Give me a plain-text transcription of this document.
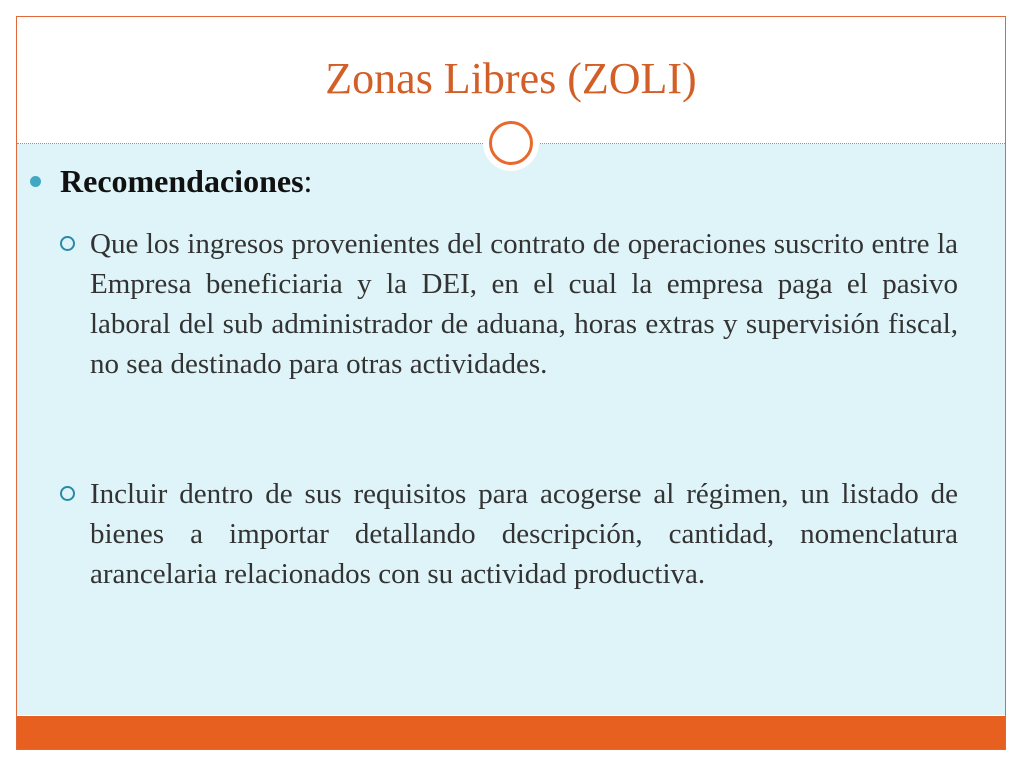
Zonas Libres (ZOLI)
Recomendaciones:
Que los ingresos provenientes del contrato de operaciones suscrito entre la Empresa beneficiaria y la DEI, en el cual la empresa paga el pasivo laboral del sub administrador de aduana, horas extras y supervisión fiscal, no sea destinado para otras actividades.
Incluir dentro de sus requisitos para acogerse al régimen, un listado de bienes a importar detallando descripción, cantidad, nomenclatura arancelaria relacionados con su actividad productiva.
